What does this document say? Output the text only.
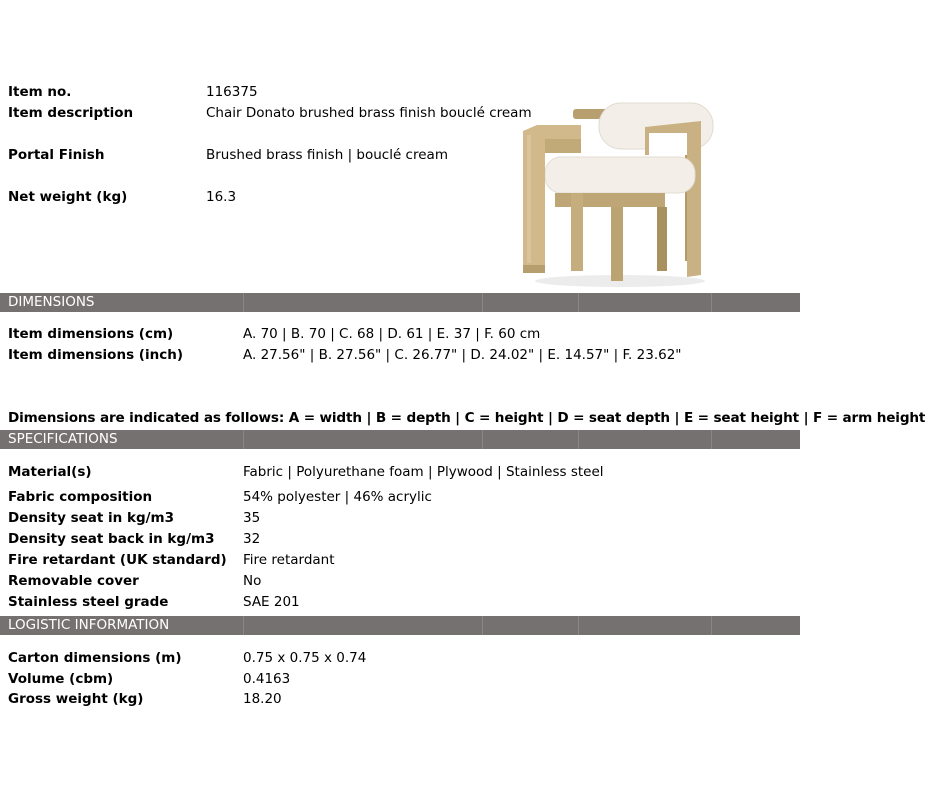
Item no.	116375
Item description	Chair Donato brushed brass finish bouclé cream
Portal Finish	Brushed brass finish | bouclé cream
Net weight (kg)	16.3
DIMENSIONS
Item dimensions (cm)	A. 70 | B. 70 | C. 68 | D. 61 | E. 37 | F. 60 cm
Item dimensions (inch)	A. 27.56" | B. 27.56" | C. 26.77" | D. 24.02" | E. 14.57" | F. 23.62"
Dimensions are indicated as follows: A = width | B = depth | C = height | D = seat depth | E = seat height | F = arm height
SPECIFICATIONS
Material(s)	Fabric | Polyurethane foam | Plywood | Stainless steel
Fabric composition	54% polyester | 46% acrylic
Density seat in kg/m3	35
Density seat back in kg/m3 32
Fire retardant (UK standard) Fire retardant
Removable cover	No
Stainless steel grade	SAE 201
LOGISTIC INFORMATION
Carton dimensions (m)	0.75 x 0.75 x 0.74
Volume (cbm)	0.4163
Gross weight (kg)	18.20
